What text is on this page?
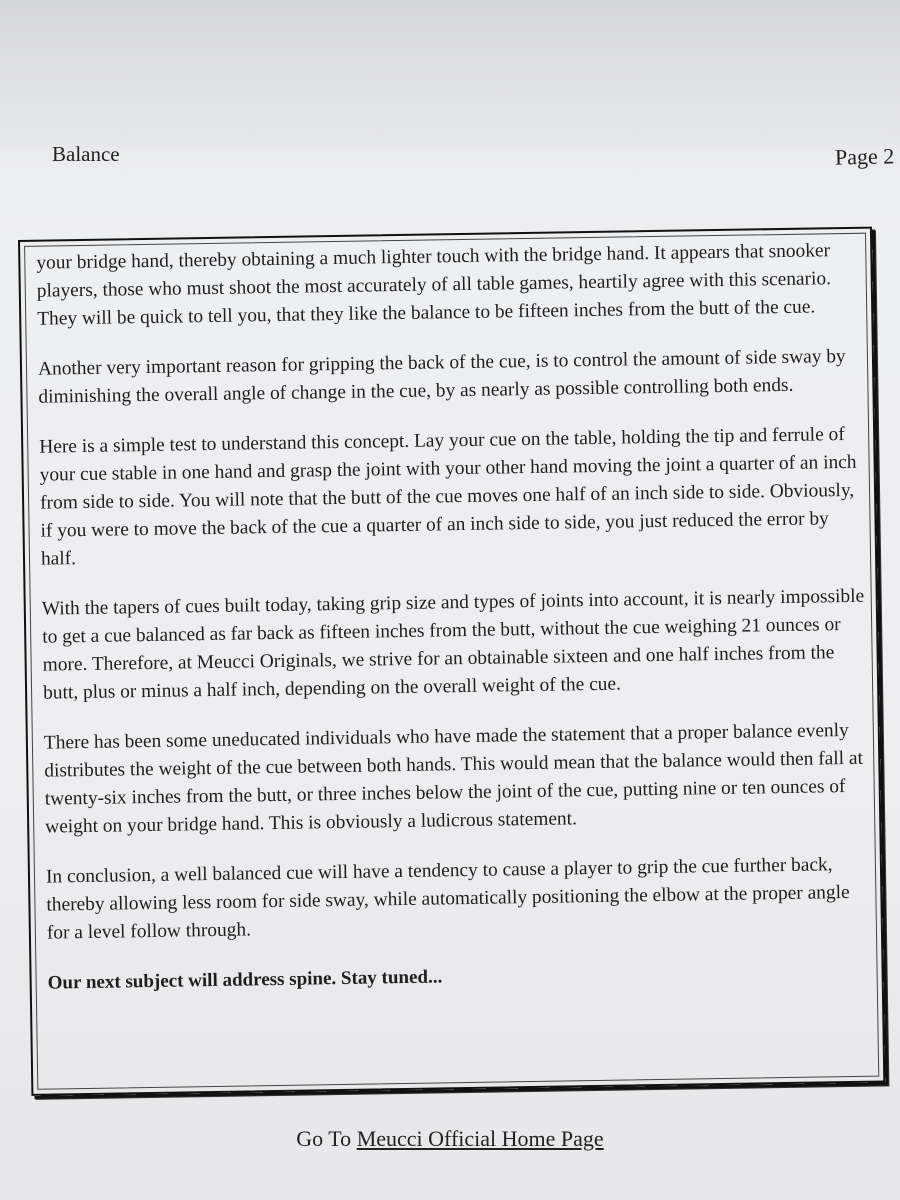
Balance	Page 2

your bridge hand, thereby obtaining a much lighter touch with the bridge hand. It appears that snooker players, those who must shoot the most accurately of all table games, heartily agree with this scenario. They will be quick to tell you, that they like the balance to be fifteen inches from the butt of the cue.

Another very important reason for gripping the back of the cue, is to control the amount of side sway by diminishing the overall angle of change in the cue, by as nearly as possible controlling both ends.

Here is a simple test to understand this concept. Lay your cue on the table, holding the tip and ferrule of your cue stable in one hand and grasp the joint with your other hand moving the joint a quarter of an inch from side to side. You will note that the butt of the cue moves one half of an inch side to side. Obviously, if you were to move the back of the cue a quarter of an inch side to side, you just reduced the error by half.

With the tapers of cues built today, taking grip size and types of joints into account, it is nearly impossible to get a cue balanced as far back as fifteen inches from the butt, without the cue weighing 21 ounces or more. Therefore, at Meucci Originals, we strive for an obtainable sixteen and one half inches from the butt, plus or minus a half inch, depending on the overall weight of the cue.

There has been some uneducated individuals who have made the statement that a proper balance evenly distributes the weight of the cue between both hands. This would mean that the balance would then fall at twenty-six inches from the butt, or three inches below the joint of the cue, putting nine or ten ounces of weight on your bridge hand. This is obviously a ludicrous statement.

In conclusion, a well balanced cue will have a tendency to cause a player to grip the cue further back, thereby allowing less room for side sway, while automatically positioning the elbow at the proper angle for a level follow through.

Our next subject will address spine. Stay tuned...
Go To Meucci Official Home Page
